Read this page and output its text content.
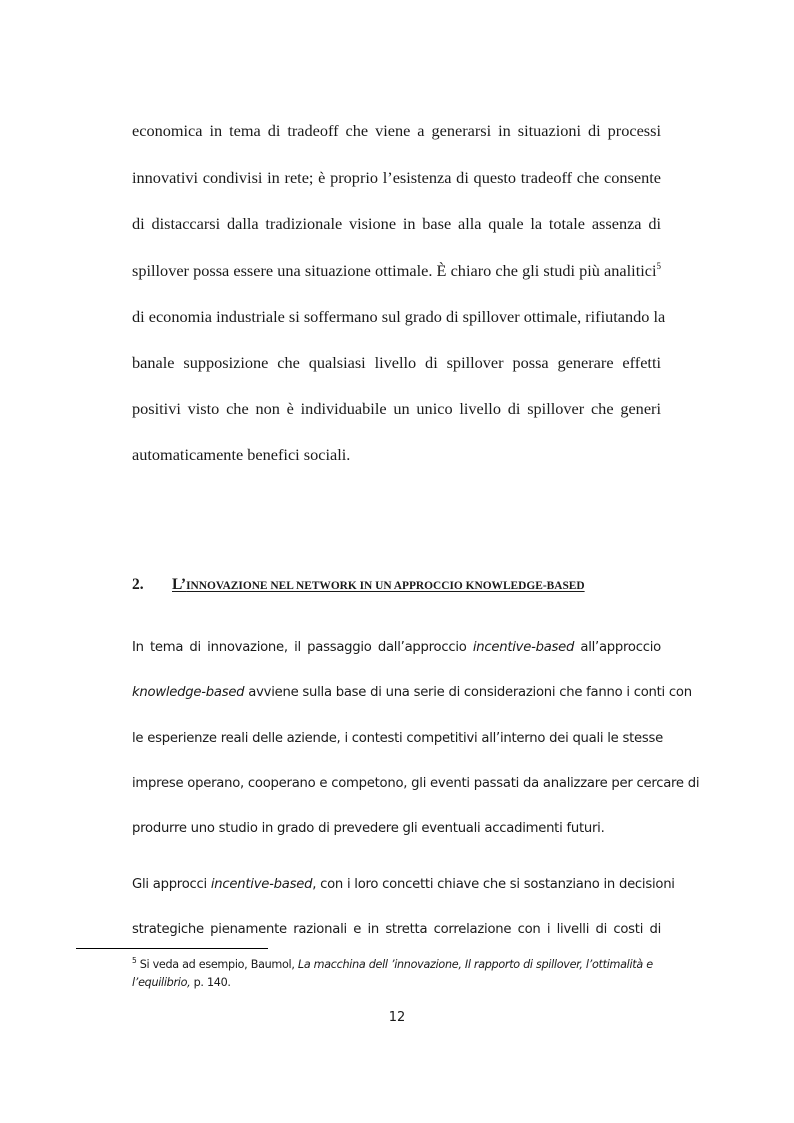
economica in tema di tradeoff che viene a generarsi in situazioni di processi
innovativi condivisi in rete; è proprio l’esistenza di questo tradeoff che consente
di distaccarsi dalla tradizionale visione in base alla quale la totale assenza di
spillover possa essere una situazione ottimale. È chiaro che gli studi più analitici$^5$
di economia industriale si soffermano sul grado di spillover ottimale, rifiutando la
banale supposizione che qualsiasi livello di spillover possa generare effetti
positivi visto che non è individuabile un unico livello di spillover che generi
automaticamente benefici sociali.
2. L’INNOVAZIONE NEL NETWORK IN UN APPROCCIO KNOWLEDGE-BASED
In tema di innovazione, il passaggio dall’approccio incentive-based all’approccio
knowledge-based avviene sulla base di una serie di considerazioni che fanno i conti con
le esperienze reali delle aziende, i contesti competitivi all’interno dei quali le stesse
imprese operano, cooperano e competono, gli eventi passati da analizzare per cercare di
produrre uno studio in grado di prevedere gli eventuali accadimenti futuri.
Gli approcci incentive-based, con i loro concetti chiave che si sostanziano in decisioni
strategiche pienamente razionali e in stretta correlazione con i livelli di costi di
$^5$ Si veda ad esempio, Baumol, La macchina dell ’innovazione, Il rapporto di spillover, l’ottimalità e
l’equilibrio, p. 140.
12
